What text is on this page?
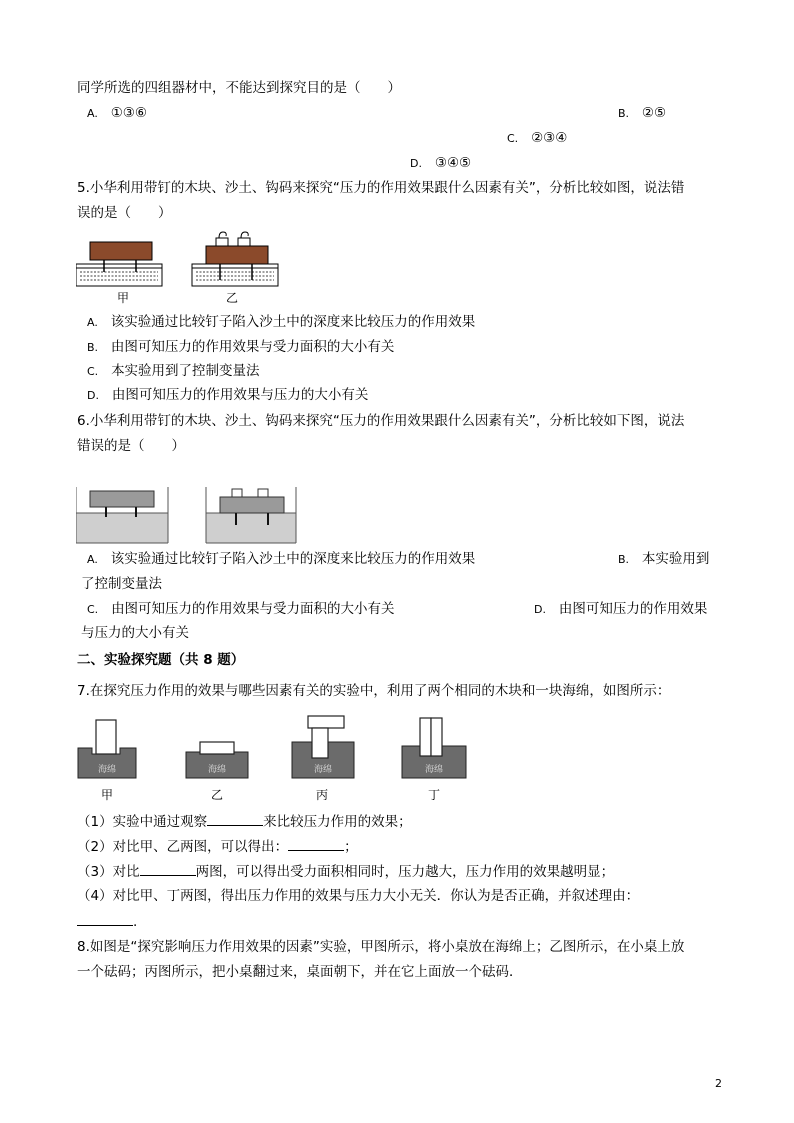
同学所选的四组器材中，不能达到探究目的是（　　）
A. ①③⑥	B. ②⑤
C. ②③④
D. ③④⑤
5.小华利用带钉的木块、沙土、钩码来探究“压力的作用效果跟什么因素有关”，分析比较如图，说法错
误的是（　　）
甲	乙
A. 该实验通过比较钉子陷入沙土中的深度来比较压力的作用效果
B. 由图可知压力的作用效果与受力面积的大小有关
C. 本实验用到了控制变量法
D. 由图可知压力的作用效果与压力的大小有关
6.小华利用带钉的木块、沙土、钩码来探究“压力的作用效果跟什么因素有关”，分析比较如下图，说法
错误的是（　　）
A. 该实验通过比较钉子陷入沙土中的深度来比较压力的作用效果	B. 本实验用到
了控制变量法
C. 由图可知压力的作用效果与受力面积的大小有关	D. 由图可知压力的作用效果
与压力的大小有关
二、实验探究题（共 8 题）
7.在探究压力作用的效果与哪些因素有关的实验中，利用了两个相同的木块和一块海绵，如图所示：
海绵	海绵	海绵	海绵
甲	乙	丙	丁
（1）实验中通过观察	来比较压力作用的效果；
（2）对比甲、乙两图，可以得出：	；
（3）对比	两图，可以得出受力面积相同时，压力越大，压力作用的效果越明显；
（4）对比甲、丁两图，得出压力作用的效果与压力大小无关．你认为是否正确，并叙述理由：
.
8.如图是“探究影响压力作用效果的因素”实验，甲图所示，将小桌放在海绵上；乙图所示，在小桌上放
一个砝码；丙图所示，把小桌翻过来，桌面朝下，并在它上面放一个砝码．
2
